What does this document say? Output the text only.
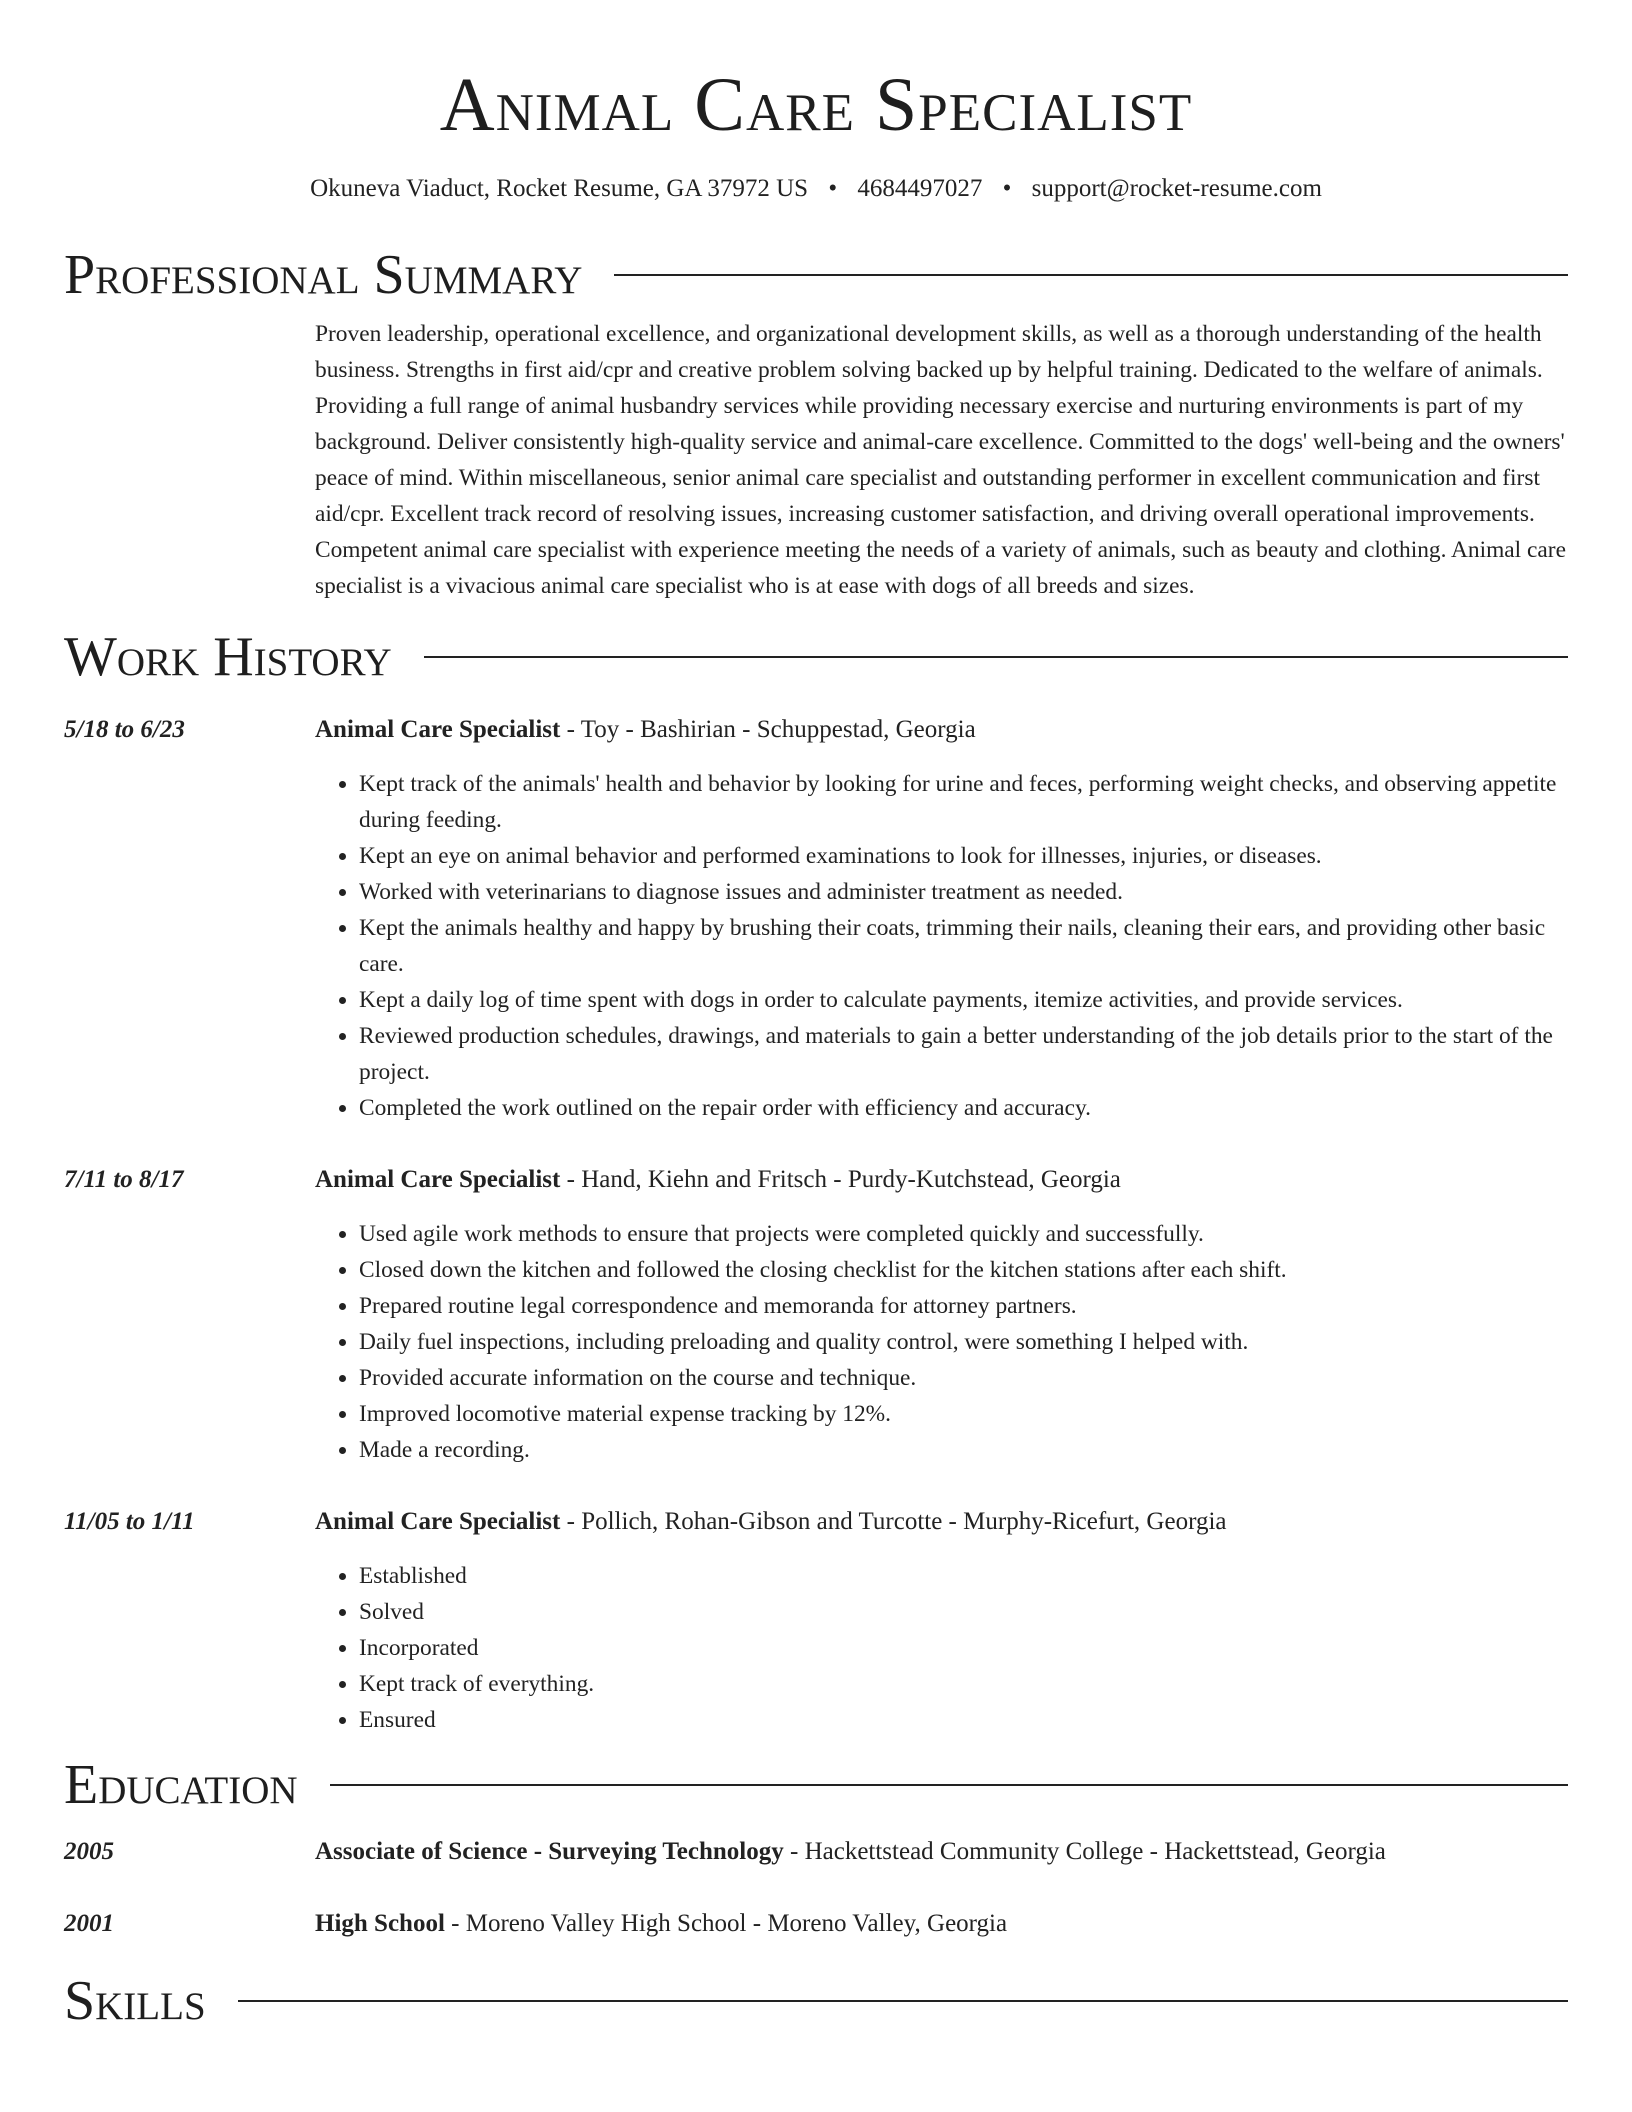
Animal Care Specialist
Okuneva Viaduct, Rocket Resume, GA 37972 US • 4684497027 • support@rocket-resume.com
Professional Summary
Proven leadership, operational excellence, and organizational development skills, as well as a thorough understanding of the health business. Strengths in first aid/cpr and creative problem solving backed up by helpful training. Dedicated to the welfare of animals. Providing a full range of animal husbandry services while providing necessary exercise and nurturing environments is part of my background. Deliver consistently high-quality service and animal-care excellence. Committed to the dogs' well-being and the owners' peace of mind. Within miscellaneous, senior animal care specialist and outstanding performer in excellent communication and first aid/cpr. Excellent track record of resolving issues, increasing customer satisfaction, and driving overall operational improvements. Competent animal care specialist with experience meeting the needs of a variety of animals, such as beauty and clothing. Animal care specialist is a vivacious animal care specialist who is at ease with dogs of all breeds and sizes.
Work History
5/18 to 6/23	Animal Care Specialist - Toy - Bashirian - Schuppestad, Georgia
• Kept track of the animals' health and behavior by looking for urine and feces, performing weight checks, and observing appetite during feeding.
• Kept an eye on animal behavior and performed examinations to look for illnesses, injuries, or diseases.
• Worked with veterinarians to diagnose issues and administer treatment as needed.
• Kept the animals healthy and happy by brushing their coats, trimming their nails, cleaning their ears, and providing other basic care.
• Kept a daily log of time spent with dogs in order to calculate payments, itemize activities, and provide services.
• Reviewed production schedules, drawings, and materials to gain a better understanding of the job details prior to the start of the project.
• Completed the work outlined on the repair order with efficiency and accuracy.
7/11 to 8/17	Animal Care Specialist - Hand, Kiehn and Fritsch - Purdy-Kutchstead, Georgia
• Used agile work methods to ensure that projects were completed quickly and successfully.
• Closed down the kitchen and followed the closing checklist for the kitchen stations after each shift.
• Prepared routine legal correspondence and memoranda for attorney partners.
• Daily fuel inspections, including preloading and quality control, were something I helped with.
• Provided accurate information on the course and technique.
• Improved locomotive material expense tracking by 12%.
• Made a recording.
11/05 to 1/11	Animal Care Specialist - Pollich, Rohan-Gibson and Turcotte - Murphy-Ricefurt, Georgia
• Established
• Solved
• Incorporated
• Kept track of everything.
• Ensured
Education
2005	Associate of Science - Surveying Technology - Hackettstead Community College - Hackettstead, Georgia
2001	High School - Moreno Valley High School - Moreno Valley, Georgia
Skills
